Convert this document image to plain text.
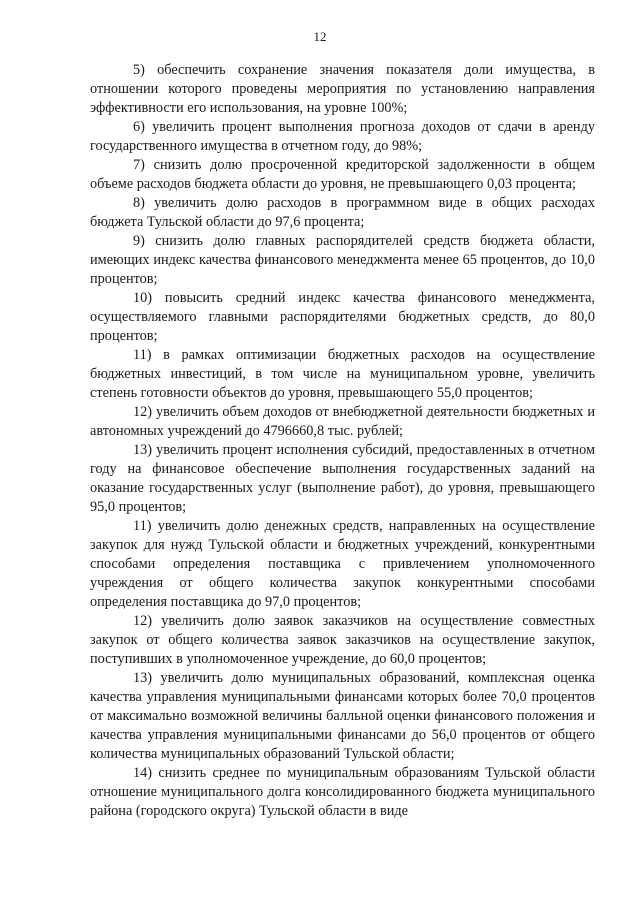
12

5) обеспечить сохранение значения показателя доли имущества, в отношении которого проведены мероприятия по установлению направления эффективности его использования, на уровне 100%;

6) увеличить процент выполнения прогноза доходов от сдачи в аренду государственного имущества в отчетном году, до 98%;

7) снизить долю просроченной кредиторской задолженности в общем объеме расходов бюджета области до уровня, не превышающего 0,03 процента;

8) увеличить долю расходов в программном виде в общих расходах бюджета Тульской области до 97,6 процента;

9) снизить долю главных распорядителей средств бюджета области, имеющих индекс качества финансового менеджмента менее 65 процентов, до 10,0 процентов;

10) повысить средний индекс качества финансового менеджмента, осуществляемого главными распорядителями бюджетных средств, до 80,0 процентов;

11) в рамках оптимизации бюджетных расходов на осуществление бюджетных инвестиций, в том числе на муниципальном уровне, увеличить степень готовности объектов до уровня, превышающего 55,0 процентов;

12) увеличить объем доходов от внебюджетной деятельности бюджетных и автономных учреждений до 4796660,8 тыс. рублей;

13) увеличить процент исполнения субсидий, предоставленных в отчетном году на финансовое обеспечение выполнения государственных заданий на оказание государственных услуг (выполнение работ), до уровня, превышающего 95,0 процентов;

11) увеличить долю денежных средств, направленных на осуществление закупок для нужд Тульской области и бюджетных учреждений, конкурентными способами определения поставщика с привлечением уполномоченного учреждения от общего количества закупок конкурентными способами определения поставщика до 97,0 процентов;

12) увеличить долю заявок заказчиков на осуществление совместных закупок от общего количества заявок заказчиков на осуществление закупок, поступивших в уполномоченное учреждение, до 60,0 процентов;

13) увеличить долю муниципальных образований, комплексная оценка качества управления муниципальными финансами которых более 70,0 процентов от максимально возможной величины балльной оценки финансового положения и качества управления муниципальными финансами до 56,0 процентов от общего количества муниципальных образований Тульской области;

14) снизить среднее по муниципальным образованиям Тульской области отношение муниципального долга консолидированного бюджета муниципального района (городского округа) Тульской области в виде
